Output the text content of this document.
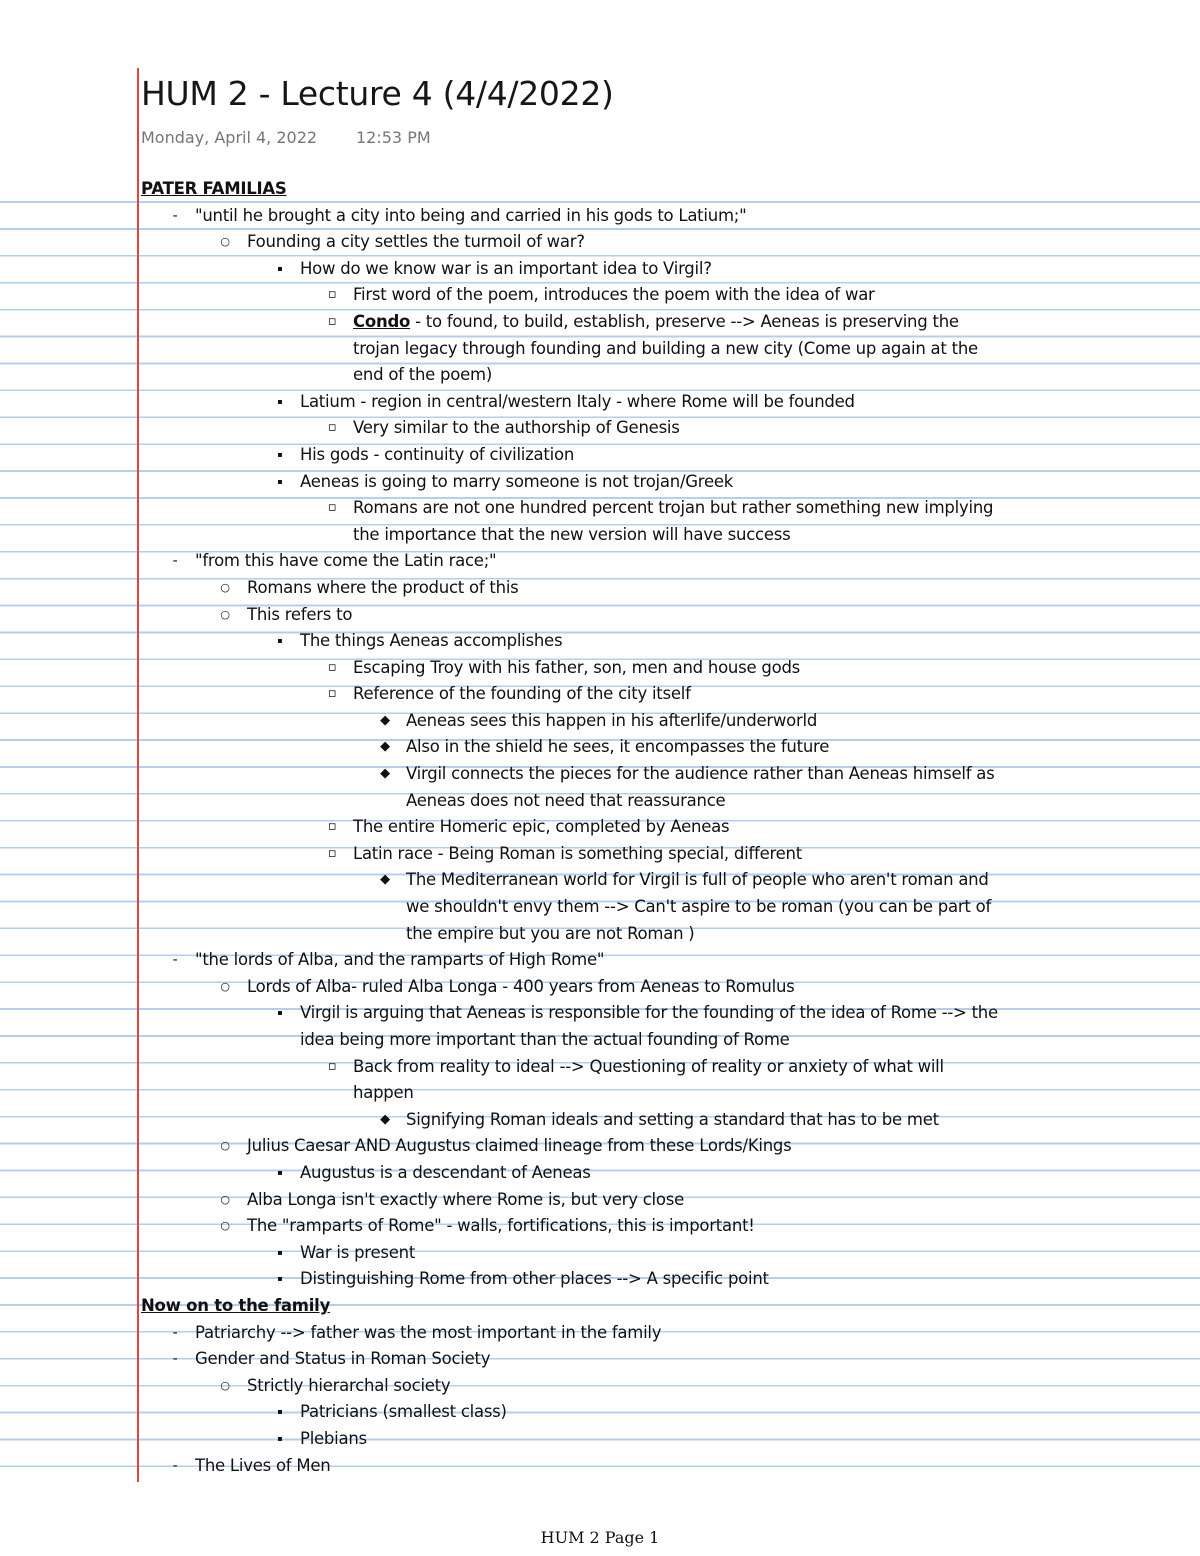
HUM 2 - Lecture 4 (4/4/2022)
Monday, April 4, 2022 12:53 PM
PATER FAMILIAS
- "until he brought a city into being and carried in his gods to Latium;"
○ Founding a city settles the turmoil of war?
▪ How do we know war is an important idea to Virgil?
▫ First word of the poem, introduces the poem with the idea of war
▫ Condo - to found, to build, establish, preserve --> Aeneas is preserving the
trojan legacy through founding and building a new city (Come up again at the
end of the poem)
▪ Latium - region in central/western Italy - where Rome will be founded
▫ Very similar to the authorship of Genesis
▪ His gods - continuity of civilization
▪ Aeneas is going to marry someone is not trojan/Greek
▫ Romans are not one hundred percent trojan but rather something new implying
the importance that the new version will have success
- "from this have come the Latin race;"
○ Romans where the product of this
○ This refers to
▪ The things Aeneas accomplishes
▫ Escaping Troy with his father, son, men and house gods
▫ Reference of the founding of the city itself
◆ Aeneas sees this happen in his afterlife/underworld
◆ Also in the shield he sees, it encompasses the future
◆ Virgil connects the pieces for the audience rather than Aeneas himself as
Aeneas does not need that reassurance
▫ The entire Homeric epic, completed by Aeneas
▫ Latin race - Being Roman is something special, different
◆ The Mediterranean world for Virgil is full of people who aren't roman and
we shouldn't envy them --> Can't aspire to be roman (you can be part of
the empire but you are not Roman )
- "the lords of Alba, and the ramparts of High Rome"
○ Lords of Alba- ruled Alba Longa - 400 years from Aeneas to Romulus
▪ Virgil is arguing that Aeneas is responsible for the founding of the idea of Rome --> the
idea being more important than the actual founding of Rome
▫ Back from reality to ideal --> Questioning of reality or anxiety of what will
happen
◆ Signifying Roman ideals and setting a standard that has to be met
○ Julius Caesar AND Augustus claimed lineage from these Lords/Kings
▪ Augustus is a descendant of Aeneas
○ Alba Longa isn't exactly where Rome is, but very close
○ The "ramparts of Rome" - walls, fortifications, this is important!
▪ War is present
▪ Distinguishing Rome from other places --> A specific point
Now on to the family
- Patriarchy --> father was the most important in the family
- Gender and Status in Roman Society
○ Strictly hierarchal society
▪ Patricians (smallest class)
▪ Plebians
- The Lives of Men
HUM 2 Page 1
